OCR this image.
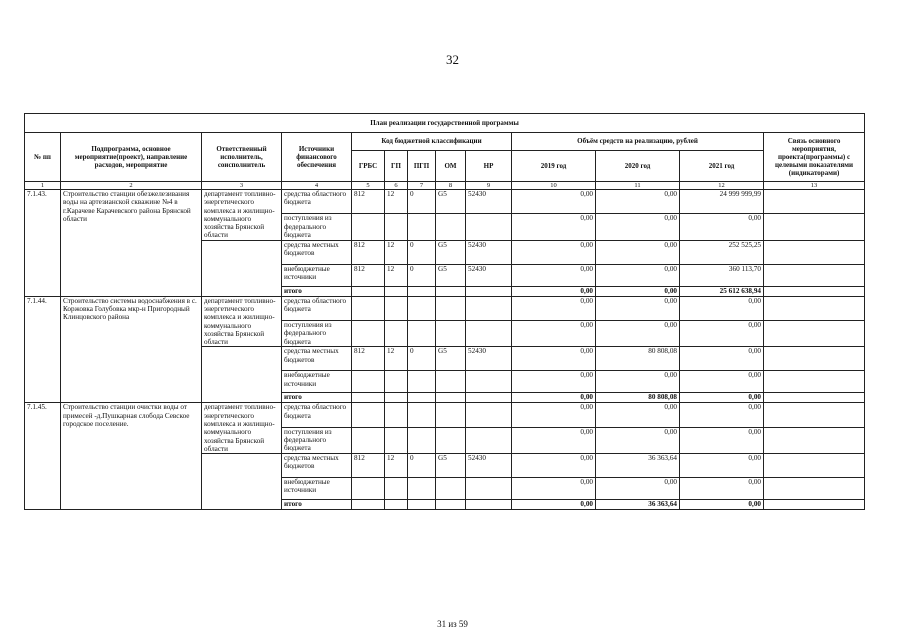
32
План реализации государственной программы												
№ пп	Подпрограмма, основное мероприятие(проект), направление расходов, мероприятие	Ответственный исполнитель, соисполнитель	Источники финансового обеспечения	Код бюджетной классификации					Объём средств на реализацию, рублей			Связь основного мероприятия, проекта(программы) с целевыми показателями (индикаторами)
				ГРБС	ГП	ПГП	ОМ	НР	2019 год	2020 год	2021 год	
1	2	3	4	5	6	7	8	9	10	11	12	13
7.1.43.	Строительство станции обезжелезивания воды на артезианской скважине №4 в г.Карачеве Карачевского района Брянской области	департамент топливно-энергетического комплекса и жилищно-коммунального хозяйства Брянской области	средства областного бюджета	812	12	0	G5	52430	0,00	0,00	24 999 999,99	
			поступления из федерального бюджета						0,00	0,00	0,00	
			средства местных бюджетов	812	12	0	G5	52430	0,00	0,00	252 525,25	
			внебюджетные источники	812	12	0	G5	52430	0,00	0,00	360 113,70	
			итого						0,00	0,00	25 612 638,94	
7.1.44.	Строительство системы водоснабжения в с. Коржовка Голубовка мкр-н Пригородный Клинцовского района	департамент топливно-энергетического комплекса и жилищно-коммунального хозяйства Брянской области	средства областного бюджета						0,00	0,00	0,00	
			поступления из федерального бюджета						0,00	0,00	0,00	
			средства местных бюджетов	812	12	0	G5	52430	0,00	80 808,08	0,00	
			внебюджетные источники						0,00	0,00	0,00	
			итого						0,00	80 808,08	0,00	
7.1.45.	Строительство станции очистки воды от примесей -д.Пушкарная слобода Севское городское поселение.	департамент топливно-энергетического комплекса и жилищно-коммунального хозяйства Брянской области	средства областного бюджета						0,00	0,00	0,00	
			поступления из федерального бюджета						0,00	0,00	0,00	
			средства местных бюджетов	812	12	0	G5	52430	0,00	36 363,64	0,00	
			внебюджетные источники						0,00	0,00	0,00	
			итого						0,00	36 363,64	0,00	
31 из 59
